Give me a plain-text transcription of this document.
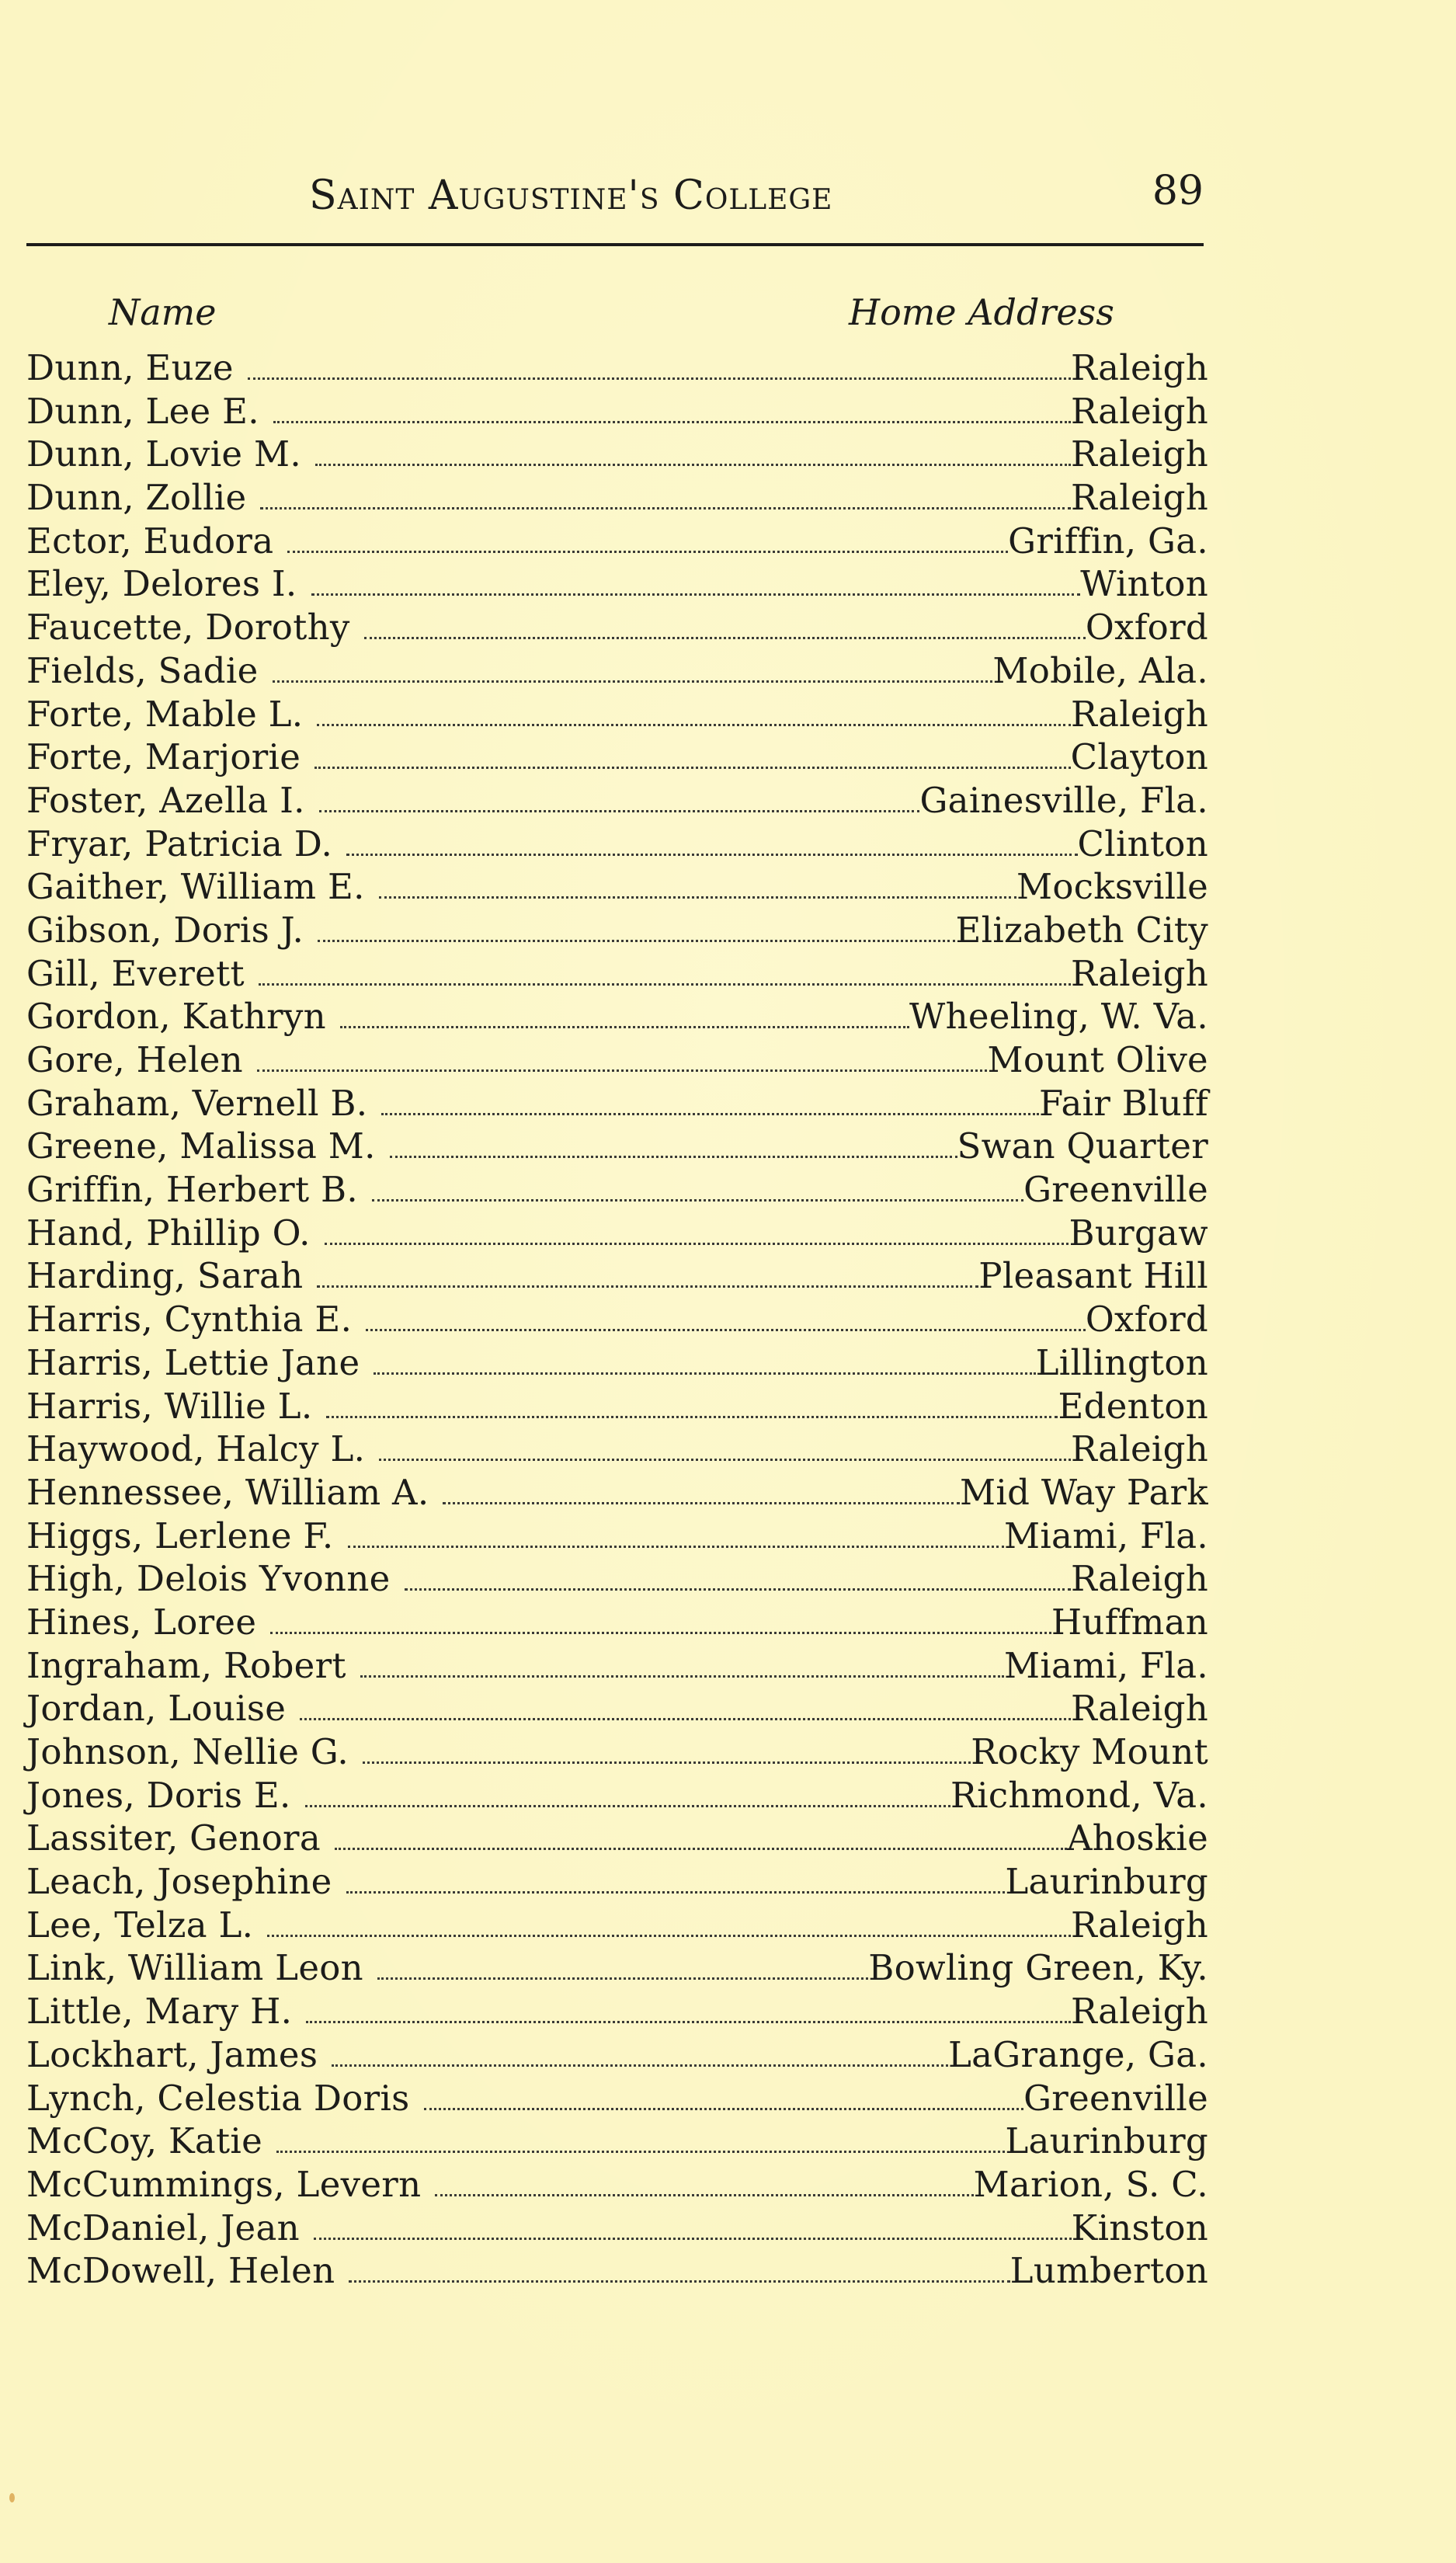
Saint Augustine's College	89
Name	Home Address
Dunn, Euze	Raleigh
Dunn, Lee E.	Raleigh
Dunn, Lovie M.	Raleigh
Dunn, Zollie	Raleigh
Ector, Eudora	Griffin, Ga.
Eley, Delores I.	Winton
Faucette, Dorothy	Oxford
Fields, Sadie	Mobile, Ala.
Forte, Mable L.	Raleigh
Forte, Marjorie	Clayton
Foster, Azella I.	Gainesville, Fla.
Fryar, Patricia D.	Clinton
Gaither, William E.	Mocksville
Gibson, Doris J.	Elizabeth City
Gill, Everett	Raleigh
Gordon, Kathryn	Wheeling, W. Va.
Gore, Helen	Mount Olive
Graham, Vernell B.	Fair Bluff
Greene, Malissa M.	Swan Quarter
Griffin, Herbert B.	Greenville
Hand, Phillip O.	Burgaw
Harding, Sarah	Pleasant Hill
Harris, Cynthia E.	Oxford
Harris, Lettie Jane	Lillington
Harris, Willie L.	Edenton
Haywood, Halcy L.	Raleigh
Hennessee, William A.	Mid Way Park
Higgs, Lerlene F.	Miami, Fla.
High, Delois Yvonne	Raleigh
Hines, Loree	Huffman
Ingraham, Robert	Miami, Fla.
Jordan, Louise	Raleigh
Johnson, Nellie G.	Rocky Mount
Jones, Doris E.	Richmond, Va.
Lassiter, Genora	Ahoskie
Leach, Josephine	Laurinburg
Lee, Telza L.	Raleigh
Link, William Leon	Bowling Green, Ky.
Little, Mary H.	Raleigh
Lockhart, James	LaGrange, Ga.
Lynch, Celestia Doris	Greenville
McCoy, Katie	Laurinburg
McCummings, Levern	Marion, S. C.
McDaniel, Jean	Kinston
McDowell, Helen	Lumberton
